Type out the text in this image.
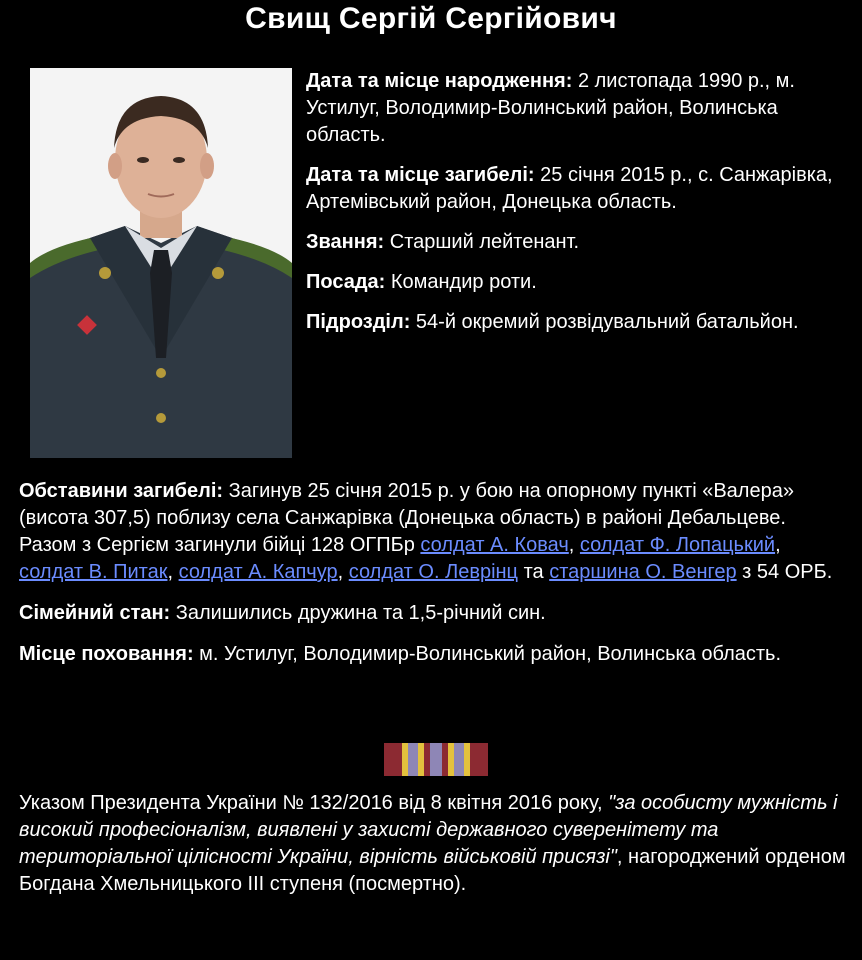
Свищ Сергій Сергійович

Дата та місце народження: 2 листопада 1990 р., м. Устилуг, Володимир-Волинський район, Волинська область.

Дата та місце загибелі: 25 січня 2015 р., с. Санжарівка, Артемівський район, Донецька область.

Звання: Старший лейтенант.

Посада: Командир роти.

Підрозділ: 54-й окремий розвідувальний батальйон.

Обставини загибелі: Загинув 25 січня 2015 р. у бою на опорному пункті «Валера» (висота 307,5) поблизу села Санжарівка (Донецька область) в районі Дебальцеве. Разом з Сергієм загинули бійці 128 ОГПБр солдат А. Ковач, солдат Ф. Лопацький, солдат В. Питак, солдат А. Капчур, солдат О. Леврінц та старшина О. Венгер з 54 ОРБ.

Сімейний стан: Залишились дружина та 1,5-річний син.

Місце поховання: м. Устилуг, Володимир-Волинський район, Волинська область.

Указом Президента України № 132/2016 від 8 квітня 2016 року, "за особисту мужність і високий професіоналізм, виявлені у захисті державного суверенітету та територіальної цілісності України, вірність військовій присязі", нагороджений орденом Богдана Хмельницького III ступеня (посмертно).
